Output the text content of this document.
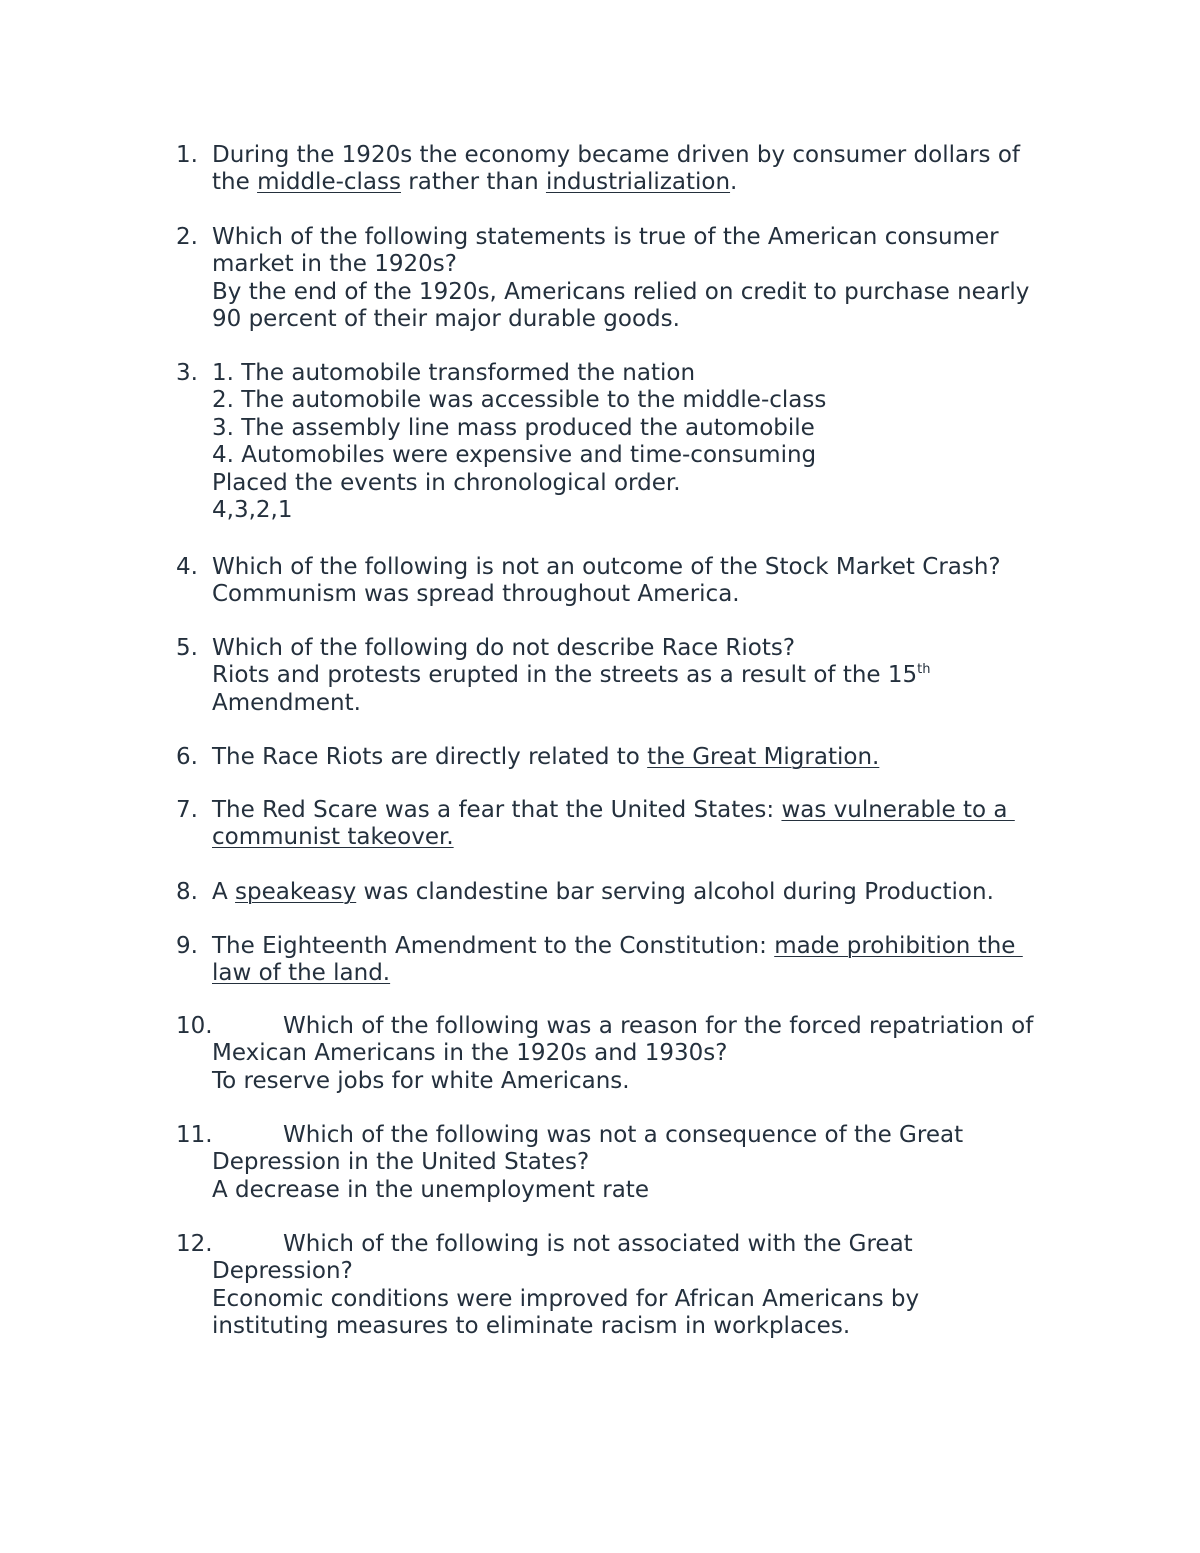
1. During the 1920s the economy became driven by consumer dollars of
the middle-class rather than industrialization.
2. Which of the following statements is true of the American consumer
market in the 1920s?
By the end of the 1920s, Americans relied on credit to purchase nearly
90 percent of their major durable goods.
3. 1. The automobile transformed the nation
2. The automobile was accessible to the middle-class
3. The assembly line mass produced the automobile
4. Automobiles were expensive and time-consuming
Placed the events in chronological order.
4,3,2,1
4. Which of the following is not an outcome of the Stock Market Crash?
Communism was spread throughout America.
5. Which of the following do not describe Race Riots?
Riots and protests erupted in the streets as a result of the 15th
Amendment.
6. The Race Riots are directly related to the Great Migration.
7. The Red Scare was a fear that the United States: was vulnerable to a
communist takeover.
8. A speakeasy was clandestine bar serving alcohol during Production.
9. The Eighteenth Amendment to the Constitution: made prohibition the
law of the land.
10.	Which of the following was a reason for the forced repatriation of
Mexican Americans in the 1920s and 1930s?
To reserve jobs for white Americans.
11.	Which of the following was not a consequence of the Great
Depression in the United States?
A decrease in the unemployment rate
12.	Which of the following is not associated with the Great
Depression?
Economic conditions were improved for African Americans by
instituting measures to eliminate racism in workplaces.
